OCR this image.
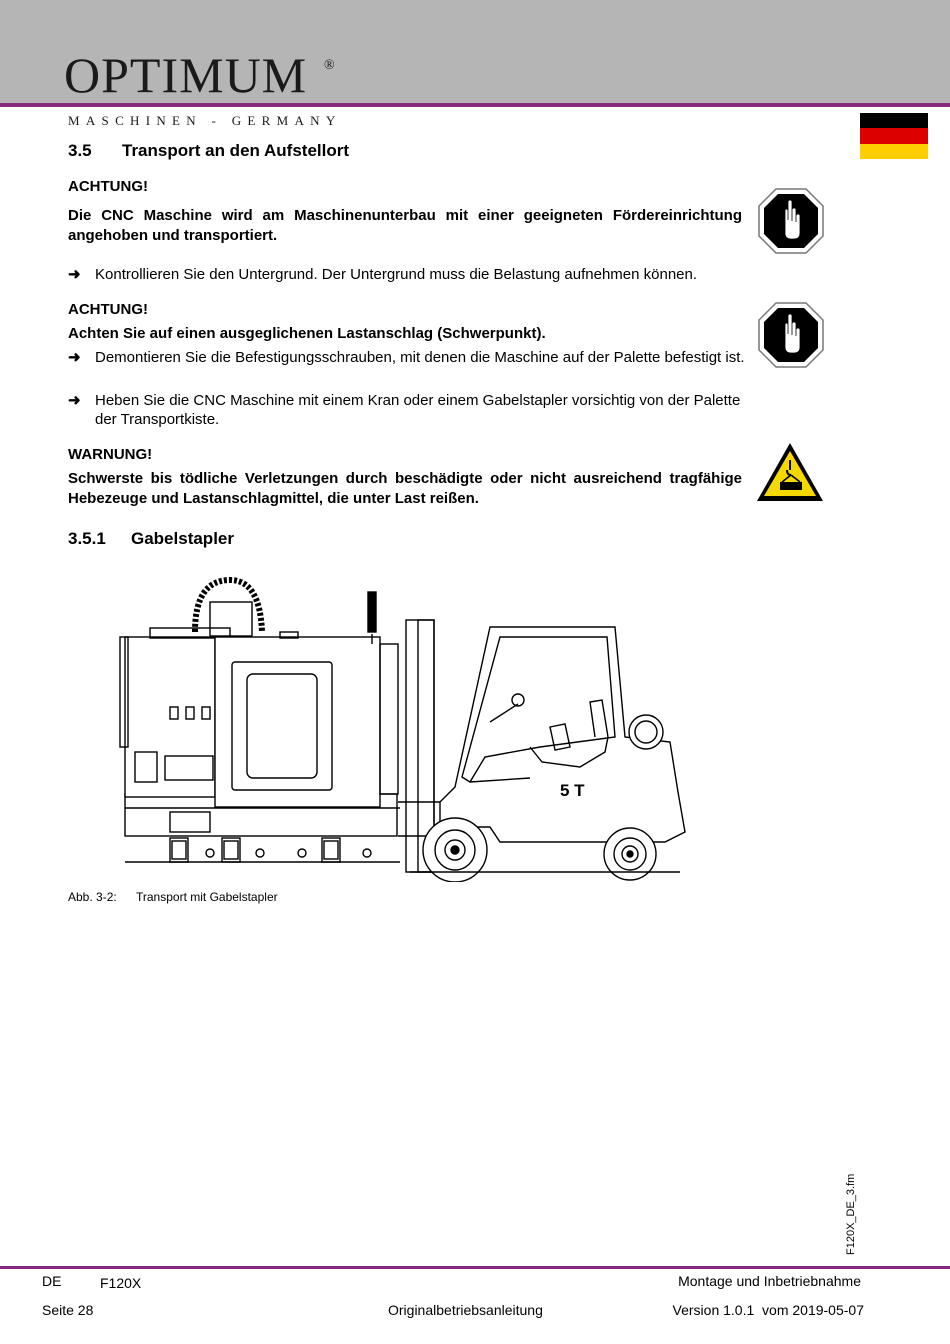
OPTIMUM ®
MASCHINEN - GERMANY
3.5 Transport an den Aufstellort
ACHTUNG!
Die CNC Maschine wird am Maschinenunterbau mit einer geeigneten Fördereinrichtung angehoben und transportiert.
➜ Kontrollieren Sie den Untergrund. Der Untergrund muss die Belastung aufnehmen können.
ACHTUNG!
Achten Sie auf einen ausgeglichenen Lastanschlag (Schwerpunkt).
➜ Demontieren Sie die Befestigungsschrauben, mit denen die Maschine auf der Palette befestigt ist.
➜ Heben Sie die CNC Maschine mit einem Kran oder einem Gabelstapler vorsichtig von der Palette der Transportkiste.
WARNUNG!
Schwerste bis tödliche Verletzungen durch beschädigte oder nicht ausreichend tragfähige Hebezeuge und Lastanschlagmittel, die unter Last reißen.
3.5.1 Gabelstapler
5 T
Abb. 3-2: Transport mit Gabelstapler
F120X_DE_3.fm
DE	F120X	Montage und Inbetriebnahme
Seite 28	Originalbetriebsanleitung	Version 1.0.1  vom 2019-05-07
